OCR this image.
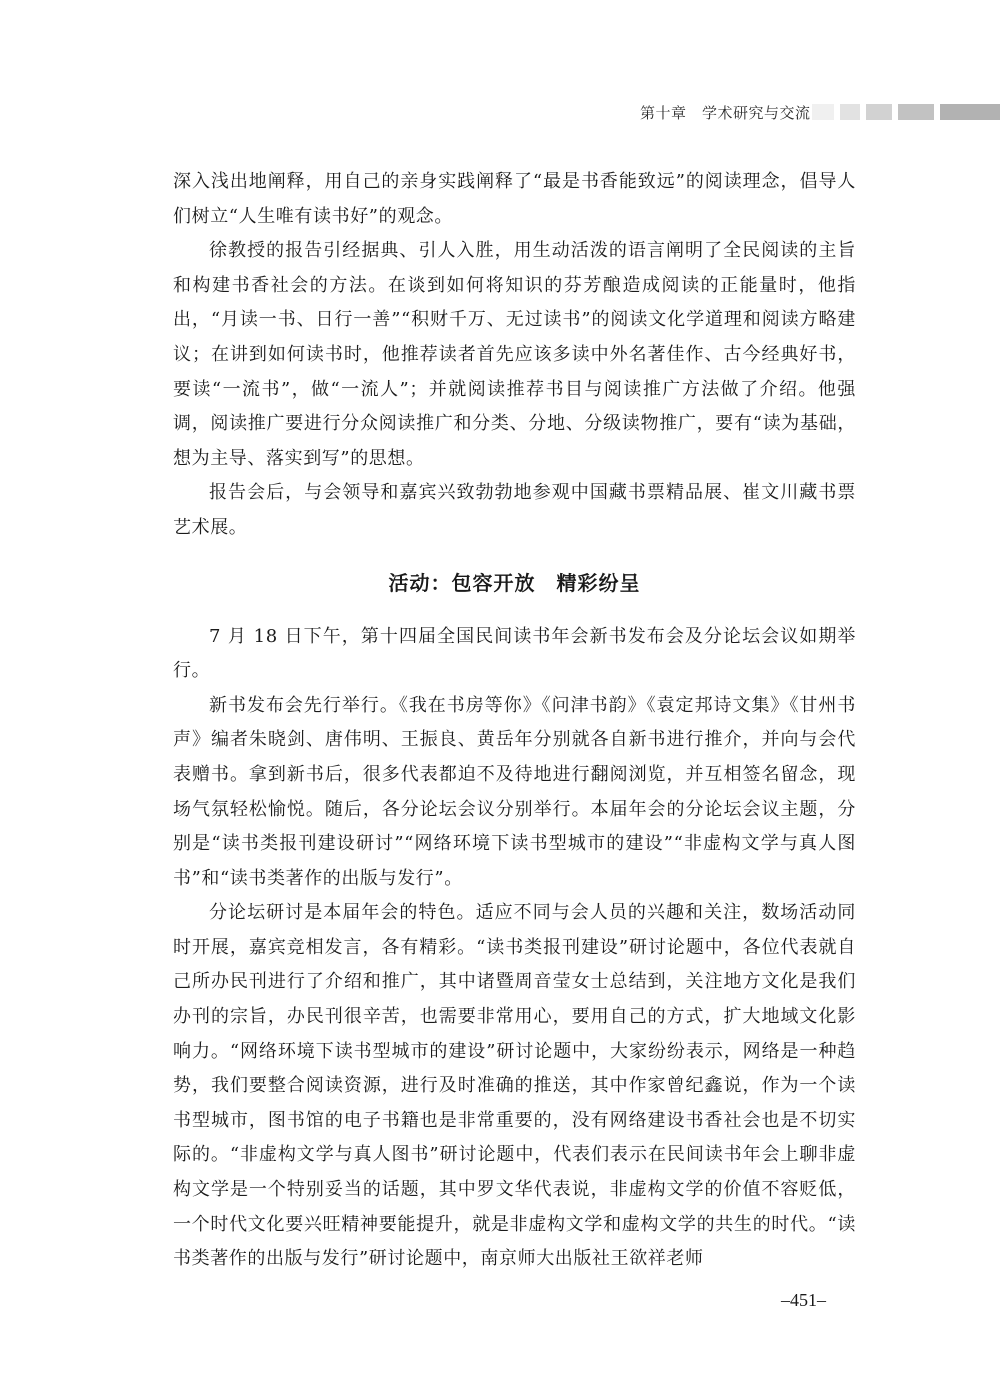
第十章　学术研究与交流

深入浅出地阐释，用自己的亲身实践阐释了“最是书香能致远”的阅读理念，倡导人们树立“人生唯有读书好”的观念。

徐教授的报告引经据典、引人入胜，用生动活泼的语言阐明了全民阅读的主旨和构建书香社会的方法。在谈到如何将知识的芬芳酿造成阅读的正能量时，他指出，“月读一书、日行一善”“积财千万、无过读书”的阅读文化学道理和阅读方略建议；在讲到如何读书时，他推荐读者首先应该多读中外名著佳作、古今经典好书，要读“一流书”，做“一流人”；并就阅读推荐书目与阅读推广方法做了介绍。他强调，阅读推广要进行分众阅读推广和分类、分地、分级读物推广，要有“读为基础，想为主导、落实到写”的思想。

报告会后，与会领导和嘉宾兴致勃勃地参观中国藏书票精品展、崔文川藏书票艺术展。

活动：包容开放　精彩纷呈

7 月 18 日下午，第十四届全国民间读书年会新书发布会及分论坛会议如期举行。

新书发布会先行举行。《我在书房等你》《问津书韵》《袁定邦诗文集》《甘州书声》编者朱晓剑、唐伟明、王振良、黄岳年分别就各自新书进行推介，并向与会代表赠书。拿到新书后，很多代表都迫不及待地进行翻阅浏览，并互相签名留念，现场气氛轻松愉悦。随后，各分论坛会议分别举行。本届年会的分论坛会议主题，分别是“读书类报刊建设研讨”“网络环境下读书型城市的建设”“非虚构文学与真人图书”和“读书类著作的出版与发行”。

分论坛研讨是本届年会的特色。适应不同与会人员的兴趣和关注，数场活动同时开展，嘉宾竞相发言，各有精彩。“读书类报刊建设”研讨论题中，各位代表就自己所办民刊进行了介绍和推广，其中诸暨周音莹女士总结到，关注地方文化是我们办刊的宗旨，办民刊很辛苦，也需要非常用心，要用自己的方式，扩大地域文化影响力。“网络环境下读书型城市的建设”研讨论题中，大家纷纷表示，网络是一种趋势，我们要整合阅读资源，进行及时准确的推送，其中作家曾纪鑫说，作为一个读书型城市，图书馆的电子书籍也是非常重要的，没有网络建设书香社会也是不切实际的。“非虚构文学与真人图书”研讨论题中，代表们表示在民间读书年会上聊非虚构文学是一个特别妥当的话题，其中罗文华代表说，非虚构文学的价值不容贬低，一个时代文化要兴旺精神要能提升，就是非虚构文学和虚构文学的共生的时代。“读书类著作的出版与发行”研讨论题中，南京师大出版社王欲祥老师

–451–
